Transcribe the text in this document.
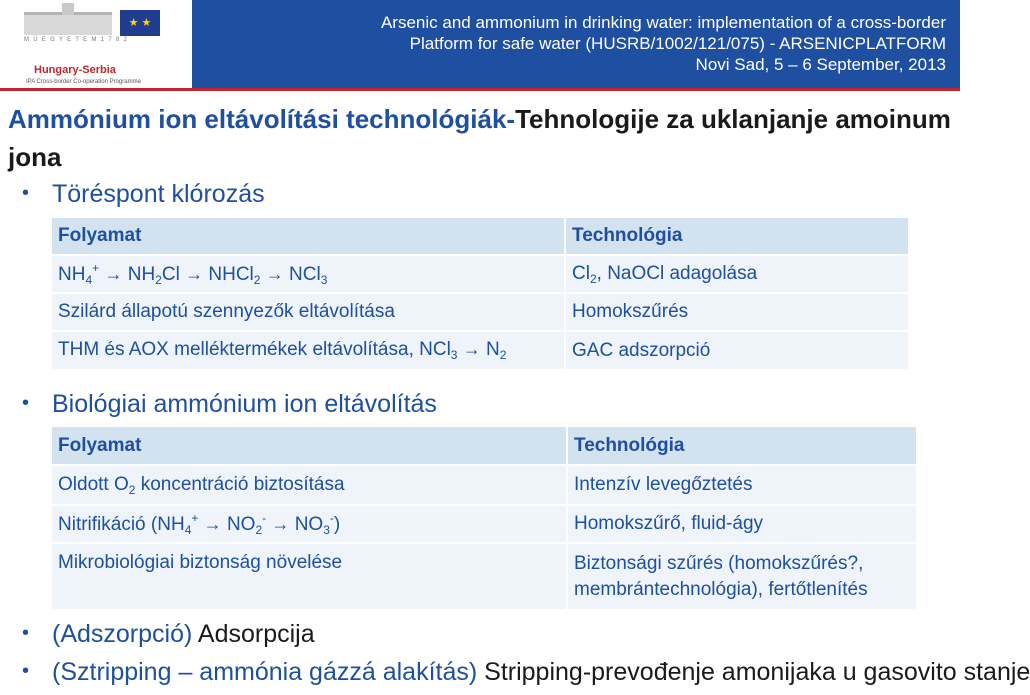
M Ű E G Y E T E M 1 7 8 2
★ ★
Hungary-Serbia
IPA Cross-border Co-operation Programme
Arsenic and ammonium in drinking water: implementation of a cross-border
Platform for safe water (HUSRB/1002/121/075) - ARSENICPLATFORM
Novi Sad, 5 – 6 September, 2013
Ammónium ion eltávolítási technológiák-Tehnologije za uklanjanje amoinum jona
• Töréspont klórozás
Folyamat	Technológia
$NH_4^+ \to NH_2Cl$ → NHCl$_2$ → NCl$_3$	$Cl_2$, NaOCl adagolása
Szilárd állapotú szennyezők eltávolítása	Homokszűrés
THM és AOX melléktermékek eltávolítása, $NCl_3 \to N_2$	GAC adszorpció
• Biológiai ammónium ion eltávolítás
Folyamat	Technológia
Oldott $O_2$ koncentráció biztosítása	Intenzív levegőztetés
Nitrifikáció $(NH_4^+ \to NO_2^- \to NO_3^-)$	Homokszűrő, fluid-ágy
Mikrobiológiai biztonság növelése	Biztonsági szűrés (homokszűrés?,
membrántechnológia), fertőtlenítés
• (Adszorpció) Adsorpcija
• (Sztripping – ammónia gázzá alakítás) Stripping-prevođenje amonijaka u gasovito stanje
